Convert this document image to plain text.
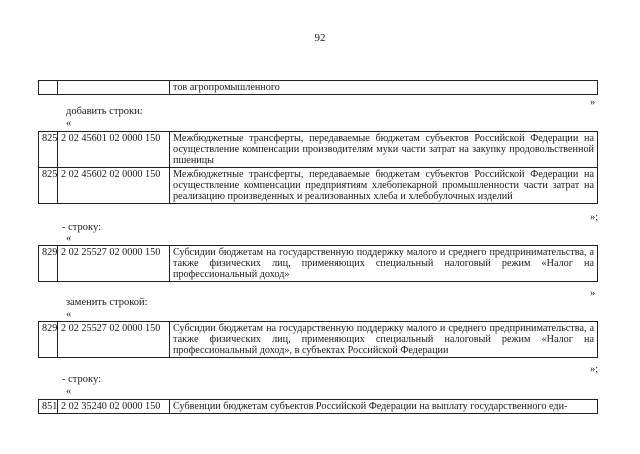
92
		тов агропромышленного
»
добавить строки:
«
825	2 02 45601 02 0000 150	Межбюджетные трансферты, передаваемые бюджетам субъектов Российской Федерации на осуществление компенсации производителям муки части затрат на закупку продовольственной пшеницы
825	2 02 45602 02 0000 150	Межбюджетные трансферты, передаваемые бюджетам субъектов Российской Федерации на осуществление компенсации предприятиям хлебопекарной промышленности части затрат на реализацию произведенных и реализованных хлеба и хлебобулочных изделий
»;
- строку:
«
829	2 02 25527 02 0000 150	Субсидии бюджетам на государственную поддержку малого и среднего предпринимательства, а также физических лиц, применяющих специальный налоговый режим «Налог на профессиональный доход»
»
заменить строкой:
«
829	2 02 25527 02 0000 150	Субсидии бюджетам на государственную поддержку малого и среднего предпринимательства, а также физических лиц, применяющих специальный налоговый режим «Налог на профессиональный доход», в субъектах Российской Федерации
»;
- строку:
«
851	2 02 35240 02 0000 150	Субвенции бюджетам субъектов Российской Федерации на выплату государственного еди-
